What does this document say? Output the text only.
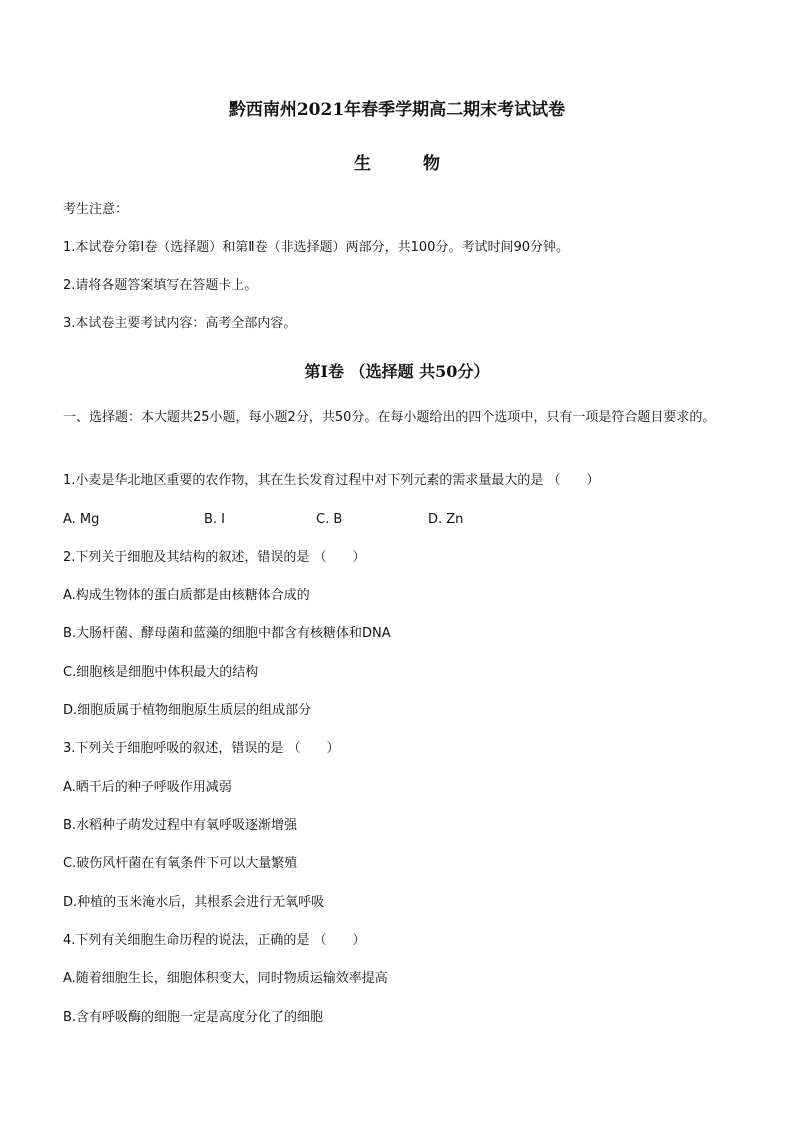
黔西南州2021年春季学期高二期末考试试卷
生	物
考生注意：
1.本试卷分第Ⅰ卷（选择题）和第Ⅱ卷（非选择题）两部分，共100分。考试时间90分钟。
2.请将各题答案填写在答题卡上。
3.本试卷主要考试内容：高考全部内容。
第Ⅰ卷 （选择题 共50分）
一、选择题：本大题共25小题，每小题2分，共50分。在每小题给出的四个选项中，只有一项是符合题目要求的。
1.小麦是华北地区重要的农作物，其在生长发育过程中对下列元素的需求量最大的是 （　　）
A. Mg	B. I	C. B	D. Zn
2.下列关于细胞及其结构的叙述，错误的是 （　　）
A.构成生物体的蛋白质都是由核糖体合成的
B.大肠杆菌、酵母菌和蓝藻的细胞中都含有核糖体和DNA
C.细胞核是细胞中体积最大的结构
D.细胞质属于植物细胞原生质层的组成部分
3.下列关于细胞呼吸的叙述，错误的是 （　　）
A.晒干后的种子呼吸作用减弱
B.水稻种子萌发过程中有氧呼吸逐渐增强
C.破伤风杆菌在有氧条件下可以大量繁殖
D.种植的玉米淹水后，其根系会进行无氧呼吸
4.下列有关细胞生命历程的说法，正确的是 （　　）
A.随着细胞生长，细胞体积变大，同时物质运输效率提高
B.含有呼吸酶的细胞一定是高度分化了的细胞
